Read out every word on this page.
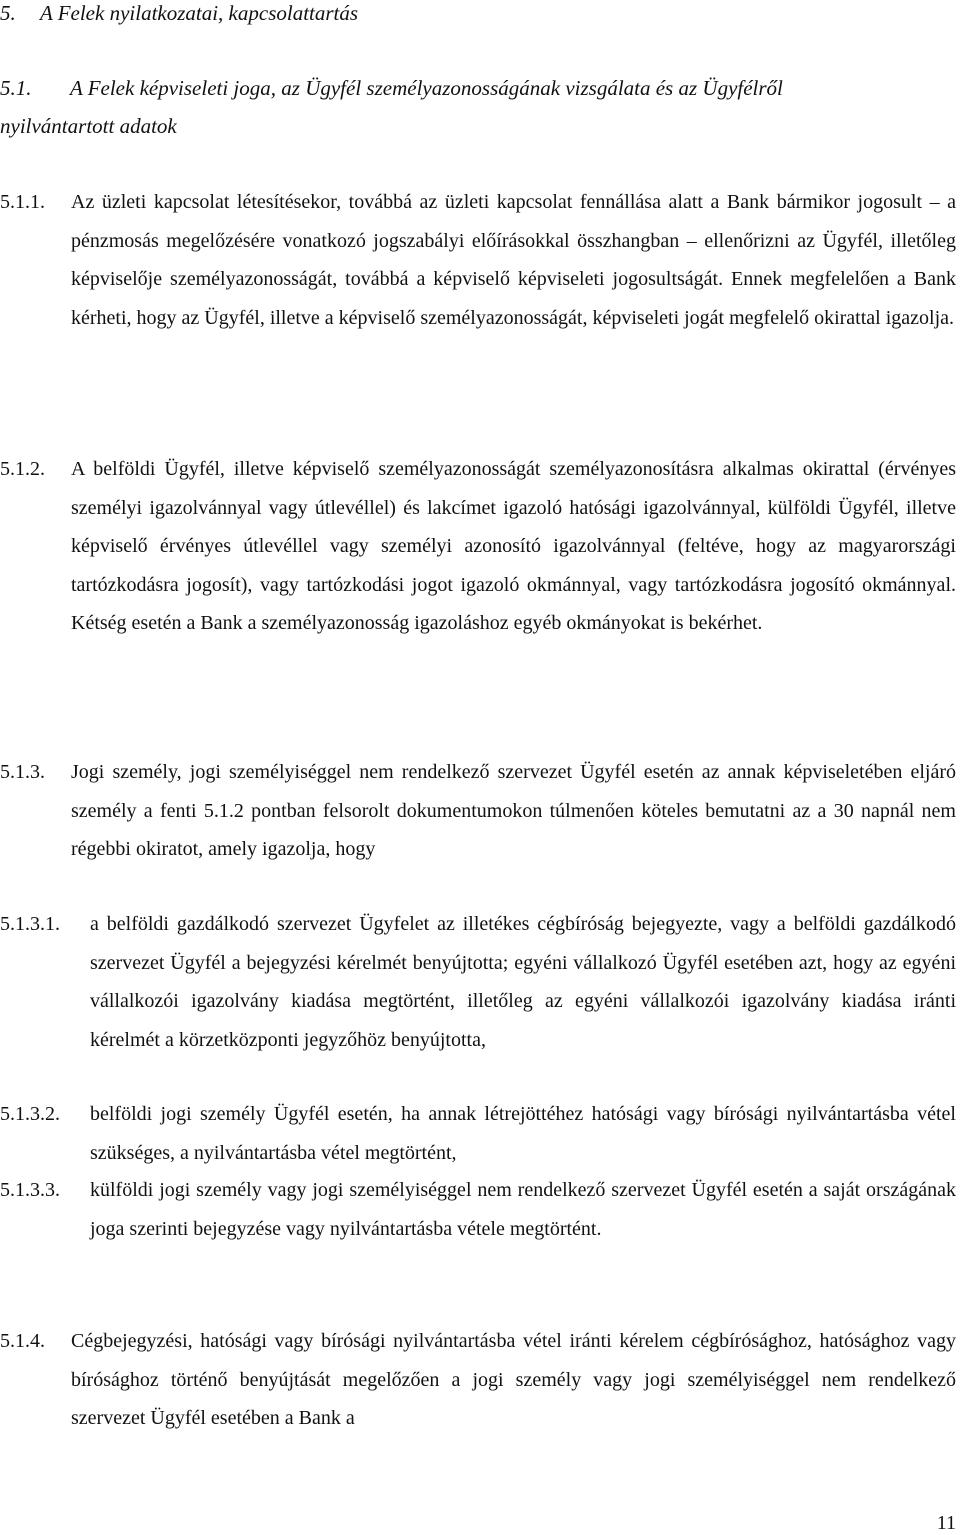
5. A Felek nyilatkozatai, kapcsolattartás
5.1. A Felek képviseleti joga, az Ügyfél személyazonosságának vizsgálata és az Ügyfélről
nyilvántartott adatok
5.1.1. Az üzleti kapcsolat létesítésekor, továbbá az üzleti kapcsolat fennállása alatt a Bank bármikor jogosult – a pénzmosás megelőzésére vonatkozó jogszabályi előírásokkal összhangban – ellenőrizni az Ügyfél, illetőleg képviselője személyazonosságát, továbbá a képviselő képviseleti jogosultságát. Ennek megfelelően a Bank kérheti, hogy az Ügyfél, illetve a képviselő személyazonosságát, képviseleti jogát megfelelő okirattal igazolja.
5.1.2. A belföldi Ügyfél, illetve képviselő személyazonosságát személyazonosításra alkalmas okirattal (érvényes személyi igazolvánnyal vagy útlevéllel) és lakcímet igazoló hatósági igazolvánnyal, külföldi Ügyfél, illetve képviselő érvényes útlevéllel vagy személyi azonosító igazolvánnyal (feltéve, hogy az magyarországi tartózkodásra jogosít), vagy tartózkodási jogot igazoló okmánnyal, vagy tartózkodásra jogosító okmánnyal. Kétség esetén a Bank a személyazonosság igazoláshoz egyéb okmányokat is bekérhet.
5.1.3. Jogi személy, jogi személyiséggel nem rendelkező szervezet Ügyfél esetén az annak képviseletében eljáró személy a fenti 5.1.2 pontban felsorolt dokumentumokon túlmenően köteles bemutatni az a 30 napnál nem régebbi okiratot, amely igazolja, hogy
5.1.3.1. a belföldi gazdálkodó szervezet Ügyfelet az illetékes cégbíróság bejegyezte, vagy a belföldi gazdálkodó szervezet Ügyfél a bejegyzési kérelmét benyújtotta; egyéni vállalkozó Ügyfél esetében azt, hogy az egyéni vállalkozói igazolvány kiadása megtörtént, illetőleg az egyéni vállalkozói igazolvány kiadása iránti kérelmét a körzetközponti jegyzőhöz benyújtotta,
5.1.3.2. belföldi jogi személy Ügyfél esetén, ha annak létrejöttéhez hatósági vagy bírósági nyilvántartásba vétel szükséges, a nyilvántartásba vétel megtörtént,
5.1.3.3. külföldi jogi személy vagy jogi személyiséggel nem rendelkező szervezet Ügyfél esetén a saját országának joga szerinti bejegyzése vagy nyilvántartásba vétele megtörtént.
5.1.4. Cégbejegyzési, hatósági vagy bírósági nyilvántartásba vétel iránti kérelem cégbírósághoz, hatósághoz vagy bírósághoz történő benyújtását megelőzően a jogi személy vagy jogi személyiséggel nem rendelkező szervezet Ügyfél esetében a Bank a
11
